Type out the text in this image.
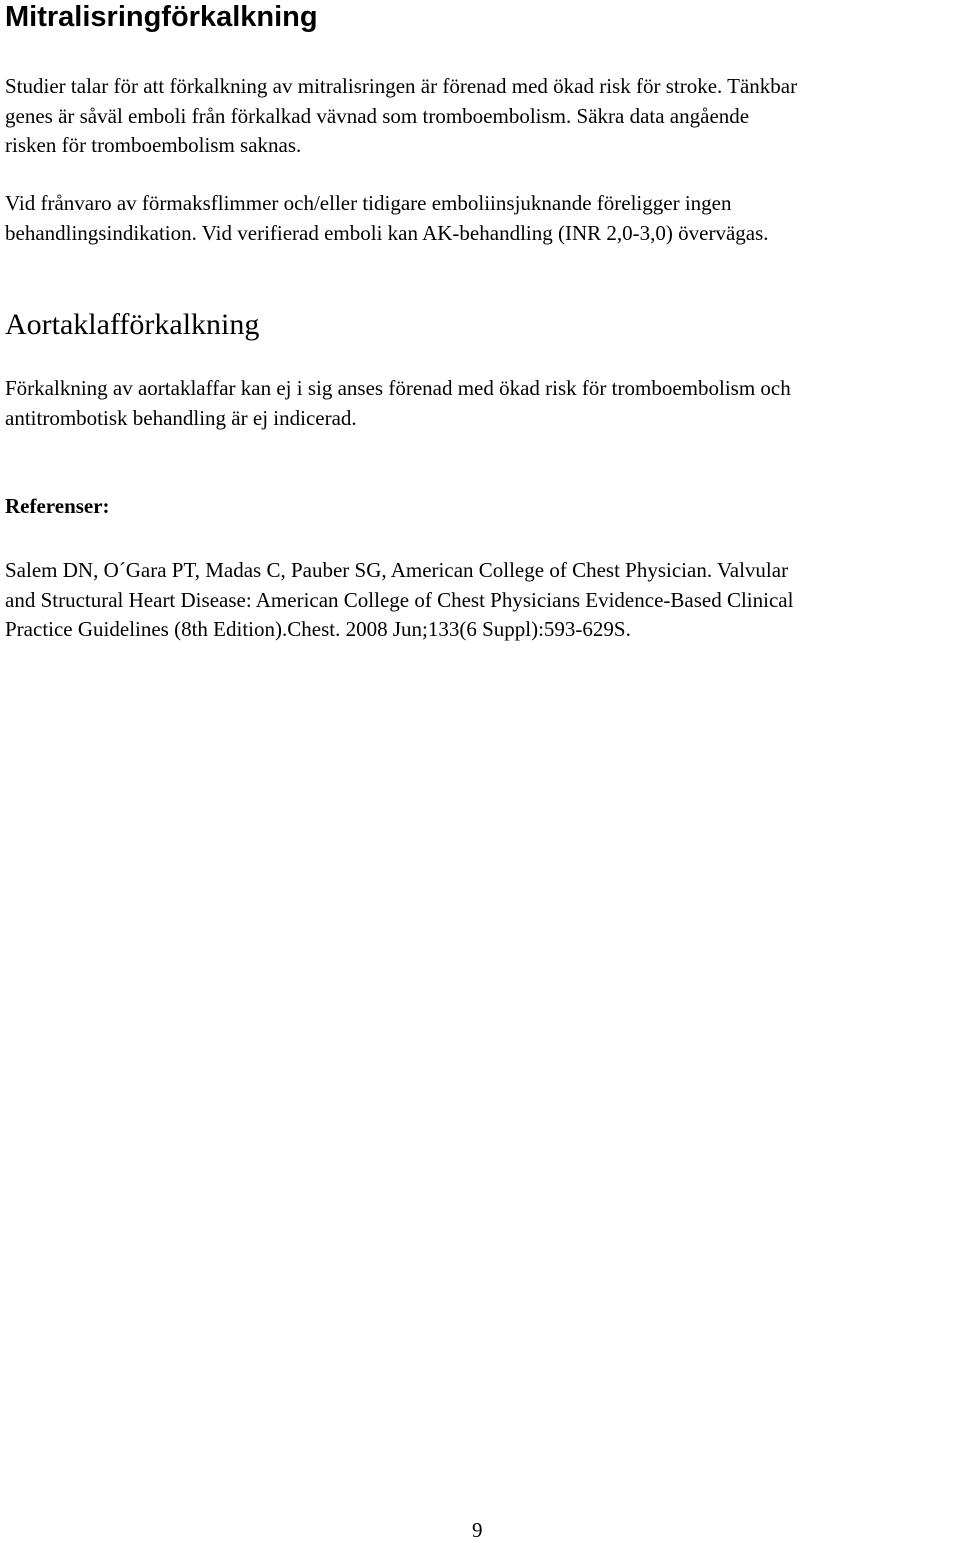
Mitralisringförkalkning

Studier talar för att förkalkning av mitralisringen är förenad med ökad risk för stroke. Tänkbar
genes är såväl emboli från förkalkad vävnad som tromboembolism. Säkra data angående
risken för tromboembolism saknas.

Vid frånvaro av förmaksflimmer och/eller tidigare emboliinsjuknande föreligger ingen
behandlingsindikation. Vid verifierad emboli kan AK-behandling (INR 2,0-3,0) övervägas.

Aortaklafförkalkning

Förkalkning av aortaklaffar kan ej i sig anses förenad med ökad risk för tromboembolism och
antitrombotisk behandling är ej indicerad.

Referenser:

Salem DN, O´Gara PT, Madas C, Pauber SG, American College of Chest Physician. Valvular
and Structural Heart Disease: American College of Chest Physicians Evidence-Based Clinical
Practice Guidelines (8th Edition).Chest. 2008 Jun;133(6 Suppl):593-629S.

9
